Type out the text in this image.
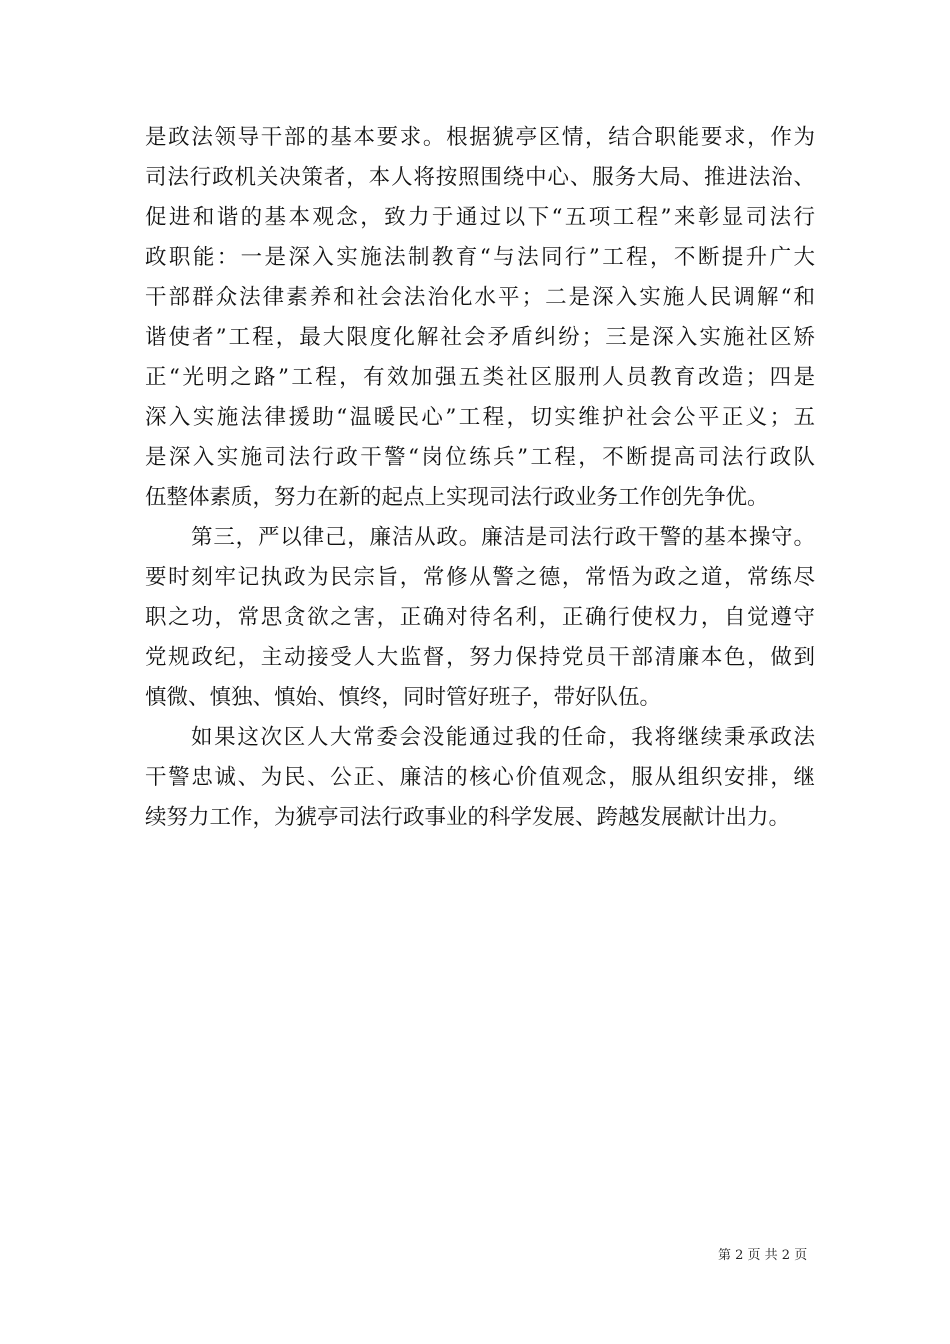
是政法领导干部的基本要求。根据猇亭区情，结合职能要求，作为
司法行政机关决策者，本人将按照围绕中心、服务大局、推进法治、
促进和谐的基本观念，致力于通过以下“五项工程”来彰显司法行
政职能：一是深入实施法制教育“与法同行”工程，不断提升广大
干部群众法律素养和社会法治化水平；二是深入实施人民调解“和
谐使者”工程，最大限度化解社会矛盾纠纷；三是深入实施社区矫
正“光明之路”工程，有效加强五类社区服刑人员教育改造；四是
深入实施法律援助“温暖民心”工程，切实维护社会公平正义；五
是深入实施司法行政干警“岗位练兵”工程，不断提高司法行政队
伍整体素质，努力在新的起点上实现司法行政业务工作创先争优。
第三，严以律己，廉洁从政。廉洁是司法行政干警的基本操守。
要时刻牢记执政为民宗旨，常修从警之德，常悟为政之道，常练尽
职之功，常思贪欲之害，正确对待名利，正确行使权力，自觉遵守
党规政纪，主动接受人大监督，努力保持党员干部清廉本色，做到
慎微、慎独、慎始、慎终，同时管好班子，带好队伍。
如果这次区人大常委会没能通过我的任命，我将继续秉承政法
干警忠诚、为民、公正、廉洁的核心价值观念，服从组织安排，继
续努力工作，为猇亭司法行政事业的科学发展、跨越发展献计出力。
第 2 页 共 2 页
